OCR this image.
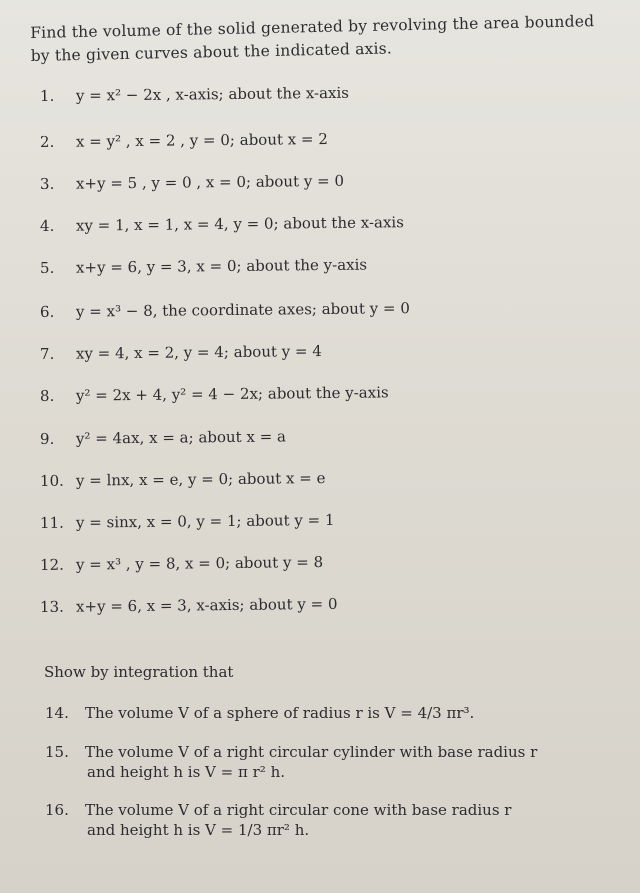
Find the volume of the solid generated by revolving the area bounded by the given curves about the indicated axis.
1. y = x² − 2x , x-axis; about the x-axis
2. x = y² , x = 2 , y = 0; about x = 2
3. x+y = 5 , y = 0 , x = 0; about y = 0
4. xy = 1, x = 1, x = 4, y = 0; about the x-axis
5. x+y = 6, y = 3, x = 0; about the y-axis
6. y = x³ − 8, the coordinate axes; about y = 0
7. xy = 4, x = 2, y = 4; about y = 4
8. y² = 2x + 4, y² = 4 − 2x; about the y-axis
9. y² = 4ax, x = a; about x = a
10. y = lnx, x = e, y = 0; about x = e
11. y = sinx, x = 0, y = 1; about y = 1
12. y = x³ , y = 8, x = 0; about y = 8
13. x+y = 6, x = 3, x-axis; about y = 0
Show by integration that
14. The volume V of a sphere of radius r is V = 4/3 πr³.
15. The volume V of a right circular cylinder with base radius r
and height h is V = π r² h.
16. The volume V of a right circular cone with base radius r
and height h is V = 1/3 πr² h.
